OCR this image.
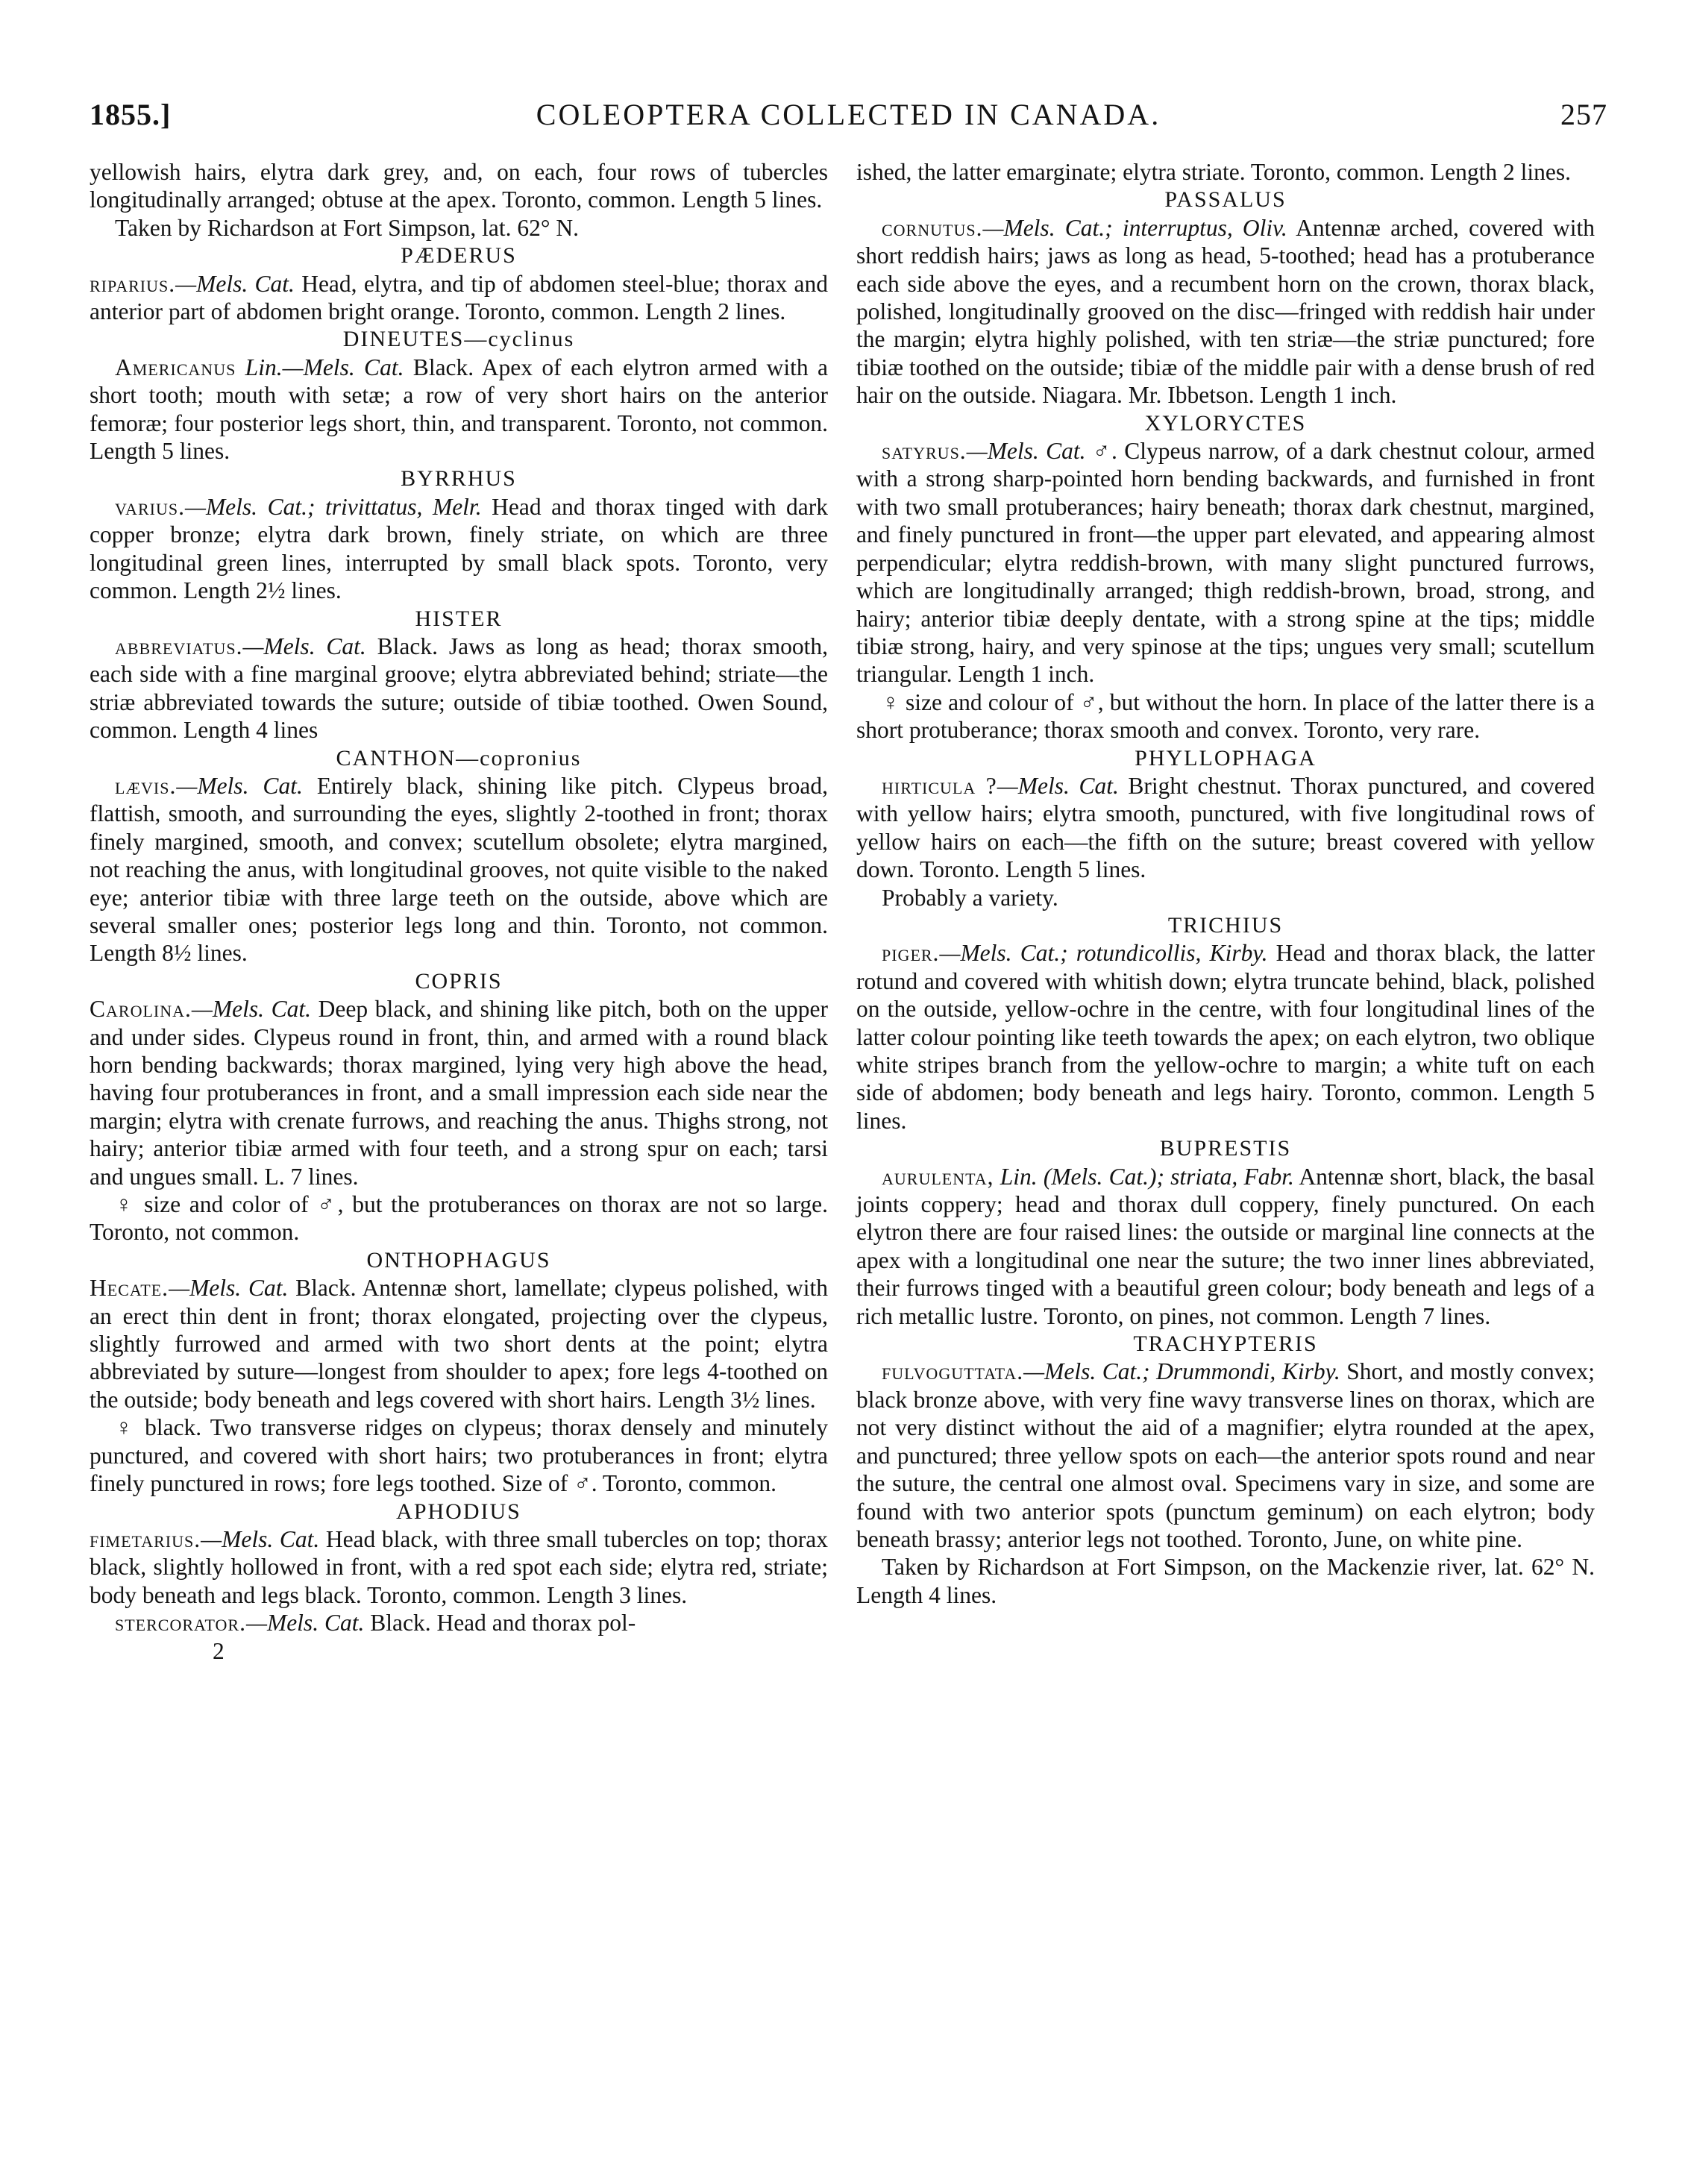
1855.]	COLEOPTERA COLLECTED IN CANADA.	257

yellowish hairs, elytra dark grey, and, on each, four rows of tubercles longitudinally arranged; obtuse at the apex. Toronto, common. Length 5 lines.

Taken by Richardson at Fort Simpson, lat. 62° N.

PÆDERUS

riparius.—Mels. Cat. Head, elytra, and tip of abdomen steel-blue; thorax and anterior part of abdomen bright orange. Toronto, common. Length 2 lines.

DINEUTES—cyclinus

Americanus Lin.—Mels. Cat. Black. Apex of each elytron armed with a short tooth; mouth with setæ; a row of very short hairs on the anterior femoræ; four posterior legs short, thin, and transparent. Toronto, not common. Length 5 lines.

BYRRHUS

varius.—Mels. Cat.; trivittatus, Melr. Head and thorax tinged with dark copper bronze; elytra dark brown, finely striate, on which are three longitudinal green lines, interrupted by small black spots. Toronto, very common. Length 2½ lines.

HISTER

abbreviatus.—Mels. Cat. Black. Jaws as long as head; thorax smooth, each side with a fine marginal groove; elytra abbreviated behind; striate—the striæ abbreviated towards the suture; outside of tibiæ toothed. Owen Sound, common. Length 4 lines

CANTHON—copronius

lævis.—Mels. Cat. Entirely black, shining like pitch. Clypeus broad, flattish, smooth, and surrounding the eyes, slightly 2-toothed in front; thorax finely margined, smooth, and convex; scutellum obsolete; elytra margined, not reaching the anus, with longitudinal grooves, not quite visible to the naked eye; anterior tibiæ with three large teeth on the outside, above which are several smaller ones; posterior legs long and thin. Toronto, not common. Length 8½ lines.

COPRIS

Carolina.—Mels. Cat. Deep black, and shining like pitch, both on the upper and under sides. Clypeus round in front, thin, and armed with a round black horn bending backwards; thorax margined, lying very high above the head, having four protuberances in front, and a small impression each side near the margin; elytra with crenate furrows, and reaching the anus. Thighs strong, not hairy; anterior tibiæ armed with four teeth, and a strong spur on each; tarsi and ungues small. L. 7 lines.

♀ size and color of ♂, but the protuberances on thorax are not so large. Toronto, not common.

ONTHOPHAGUS

Hecate.—Mels. Cat. Black. Antennæ short, lamellate; clypeus polished, with an erect thin dent in front; thorax elongated, projecting over the clypeus, slightly furrowed and armed with two short dents at the point; elytra abbreviated by suture—longest from shoulder to apex; fore legs 4-toothed on the outside; body beneath and legs covered with short hairs. Length 3½ lines.

♀ black. Two transverse ridges on clypeus; thorax densely and minutely punctured, and covered with short hairs; two protuberances in front; elytra finely punctured in rows; fore legs toothed. Size of ♂. Toronto, common.

APHODIUS

fimetarius.—Mels. Cat. Head black, with three small tubercles on top; thorax black, slightly hollowed in front, with a red spot each side; elytra red, striate; body beneath and legs black. Toronto, common. Length 3 lines.

stercorator.—Mels. Cat. Black. Head and thorax pol-

2

ished, the latter emarginate; elytra striate. Toronto, common. Length 2 lines.

PASSALUS

cornutus.—Mels. Cat.; interruptus, Oliv. Antennæ arched, covered with short reddish hairs; jaws as long as head, 5-toothed; head has a protuberance each side above the eyes, and a recumbent horn on the crown, thorax black, polished, longitudinally grooved on the disc—fringed with reddish hair under the margin; elytra highly polished, with ten striæ—the striæ punctured; fore tibiæ toothed on the outside; tibiæ of the middle pair with a dense brush of red hair on the outside. Niagara. Mr. Ibbetson. Length 1 inch.

XYLORYCTES

satyrus.—Mels. Cat. ♂. Clypeus narrow, of a dark chestnut colour, armed with a strong sharp-pointed horn bending backwards, and furnished in front with two small protuberances; hairy beneath; thorax dark chestnut, margined, and finely punctured in front—the upper part elevated, and appearing almost perpendicular; elytra reddish-brown, with many slight punctured furrows, which are longitudinally arranged; thigh reddish-brown, broad, strong, and hairy; anterior tibiæ deeply dentate, with a strong spine at the tips; middle tibiæ strong, hairy, and very spinose at the tips; ungues very small; scutellum triangular. Length 1 inch.

♀ size and colour of ♂, but without the horn. In place of the latter there is a short protuberance; thorax smooth and convex. Toronto, very rare.

PHYLLOPHAGA

hirticula ?—Mels. Cat. Bright chestnut. Thorax punctured, and covered with yellow hairs; elytra smooth, punctured, with five longitudinal rows of yellow hairs on each—the fifth on the suture; breast covered with yellow down. Toronto. Length 5 lines.

Probably a variety.

TRICHIUS

piger.—Mels. Cat.; rotundicollis, Kirby. Head and thorax black, the latter rotund and covered with whitish down; elytra truncate behind, black, polished on the outside, yellow-ochre in the centre, with four longitudinal lines of the latter colour pointing like teeth towards the apex; on each elytron, two oblique white stripes branch from the yellow-ochre to margin; a white tuft on each side of abdomen; body beneath and legs hairy. Toronto, common. Length 5 lines.

BUPRESTIS

aurulenta, Lin. (Mels. Cat.); striata, Fabr. Antennæ short, black, the basal joints coppery; head and thorax dull coppery, finely punctured. On each elytron there are four raised lines: the outside or marginal line connects at the apex with a longitudinal one near the suture; the two inner lines abbreviated, their furrows tinged with a beautiful green colour; body beneath and legs of a rich metallic lustre. Toronto, on pines, not common. Length 7 lines.

TRACHYPTERIS

fulvoguttata.—Mels. Cat.; Drummondi, Kirby. Short, and mostly convex; black bronze above, with very fine wavy transverse lines on thorax, which are not very distinct without the aid of a magnifier; elytra rounded at the apex, and punctured; three yellow spots on each—the anterior spots round and near the suture, the central one almost oval. Specimens vary in size, and some are found with two anterior spots (punctum geminum) on each elytron; body beneath brassy; anterior legs not toothed. Toronto, June, on white pine.

Taken by Richardson at Fort Simpson, on the Mackenzie river, lat. 62° N. Length 4 lines.
